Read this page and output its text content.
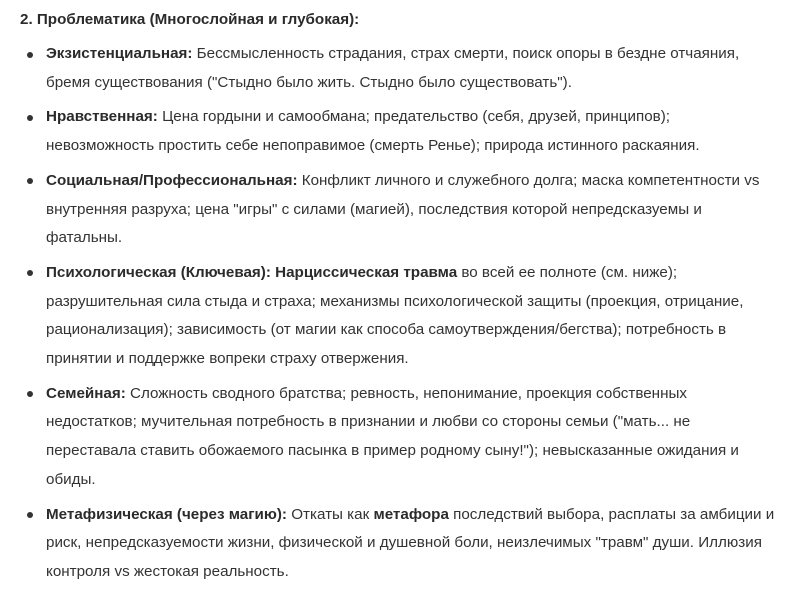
2. Проблематика (Многослойная и глубокая):
Экзистенциальная: Бессмысленность страдания, страх смерти, поиск опоры в бездне отчаяния, бремя существования ("Стыдно было жить. Стыдно было существовать").
Нравственная: Цена гордыни и самообмана; предательство (себя, друзей, принципов); невозможность простить себе непоправимое (смерть Ренье); природа истинного раскаяния.
Социальная/Профессиональная: Конфликт личного и служебного долга; маска компетентности vs внутренняя разруха; цена "игры" с силами (магией), последствия которой непредсказуемы и фатальны.
Психологическая (Ключевая): Нарциссическая травма во всей ее полноте (см. ниже); разрушительная сила стыда и страха; механизмы психологической защиты (проекция, отрицание, рационализация); зависимость (от магии как способа самоутверждения/бегства); потребность в принятии и поддержке вопреки страху отвержения.
Семейная: Сложность сводного братства; ревность, непонимание, проекция собственных недостатков; мучительная потребность в признании и любви со стороны семьи ("мать... не переставала ставить обожаемого пасынка в пример родному сыну!"); невысказанные ожидания и обиды.
Метафизическая (через магию): Откаты как метафора последствий выбора, расплаты за амбиции и риск, непредсказуемости жизни, физической и душевной боли, неизлечимых "травм" души. Иллюзия контроля vs жестокая реальность.
